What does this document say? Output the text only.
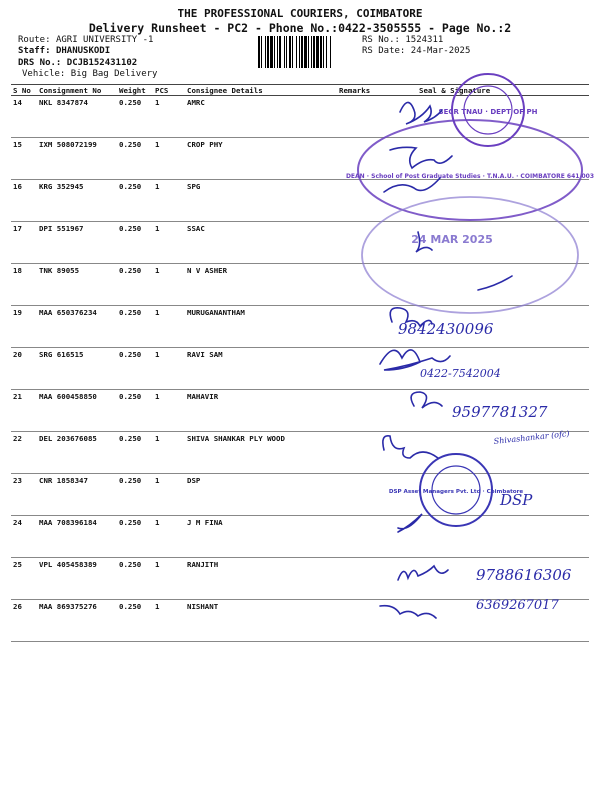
THE PROFESSIONAL COURIERS, COIMBATORE
Delivery Runsheet - PC2 - Phone No.:0422-3505555 - Page No.:2
Route: AGRI UNIVERSITY -1
Staff: DHANUSKODI
DRS No.: DCJB152431102
Vehicle: Big Bag Delivery
RS No.: 1524311
RS Date: 24-Mar-2025
S No	Consignment No	Weight	PCS	Consignee Details	Remarks	Seal & Signature
14	NKL 8347874	0.250	1	AMRC		
15	IXM 508072199	0.250	1	CROP PHY		
16	KRG 352945	0.250	1	SPG		
17	DPI 551967	0.250	1	SSAC		
18	TNK 89055	0.250	1	N V ASHER		
19	MAA 650376234	0.250	1	MURUGANANTHAM		
20	SRG 616515	0.250	1	RAVI SAM		
21	MAA 600458850	0.250	1	MAHAVIR		
22	DEL 203676085	0.250	1	SHIVA SHANKAR PLY WOOD		
23	CNR 1858347	0.250	1	DSP		
24	MAA 708396184	0.250	1	J M FINA		
25	VPL 405458389	0.250	1	RANJITH		
26	MAA 869375276	0.250	1	NISHANT		
SECR TNAU · DEPT OF PH
DEAN · School of Post Graduate Studies · T.N.A.U. · COIMBATORE 641 003
24 MAR 2025
DSP Asset Managers Pvt. Ltd · Coimbatore
9842430096
0422-7542004
9597781327
Shivashankar (ofc)
DSP
9788616306
6369267017
